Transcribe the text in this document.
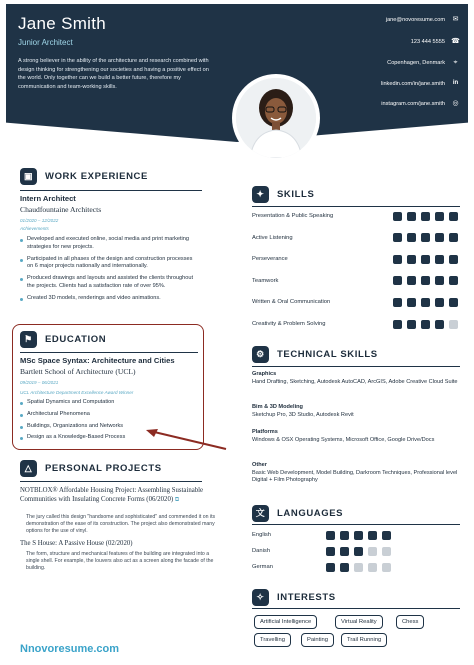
Jane Smith
Junior Architect
A strong believer in the ability of the architecture and research combined with design thinking for strengthening our societies and having a positive effect on the world. Only together can we build a better future, therefore my communication and team-working skills.
jane@novoresume.com ✉
123 444 5555 ☎
Copenhagen, Denmark	⌖
linkedin.com/in/jane.smith	in
instagram.com/jane.smith ◎
▣	WORK EXPERIENCE
Intern Architect
Chaudfountaine Architects
01/2020 – 12/2022
Achievements
Developed and executed online, social media and print marketing strategies for new projects.
Participated in all phases of the design and construction processes on 6 major projects nationally and internationally.
Produced drawings and layouts and assisted the clients throughout the projects. Clients had a satisfaction rate of over 95%.
Created 3D models, renderings and video animations.
⚑	EDUCATION
MSc Space Syntax: Architecture and Cities
Bartlett School of Architecture (UCL)
09/2019 – 06/2021
UCL Architecture Department Excellence Award Winner
Spatial Dynamics and Computation
Architectural Phenomena
Buildings, Organizations and Networks
Design as a Knowledge-Based Process
△	PERSONAL PROJECTS
NOTBLOX® Affordable Housing Project: Assembling Sustainable Communities with Insulating Concrete Forms (06/2020) ⧉
The jury called this design "handsome and sophisticated" and commended it on its demonstration of the ease of its construction. The project also demonstrated many options for the use of vinyl.
The S House: A Passive House (02/2020)
The form, structure and mechanical features of the building are integrated into a single shell. For example, the louvers also act as a screen along the facade of the building.
Nnovoresume.com
✦	SKILLS
Presentation & Public Speaking
Active Listening
Perseverance
Teamwork
Written & Oral Communication
Creativity & Problem Solving
⚙	TECHNICAL SKILLS
Graphics
Hand Drafting, Sketching, Autodesk AutoCAD, ArcGIS, Adobe Creative Cloud Suite
Bim & 3D Modeling
Sketchup Pro, 3D Studio, Autodesk Revit
Platforms
Windows & OSX Operating Systems, Microsoft Office, Google Drive/Docs
Other
Basic Web Development, Model Building, Darkroom Techniques, Professional level Digital + Film Photography
文	LANGUAGES
English
Danish
German
✧	INTERESTS
Artificial Intelligence	Virtual Reality	Chess
Travelling	Painting	Trail Running
